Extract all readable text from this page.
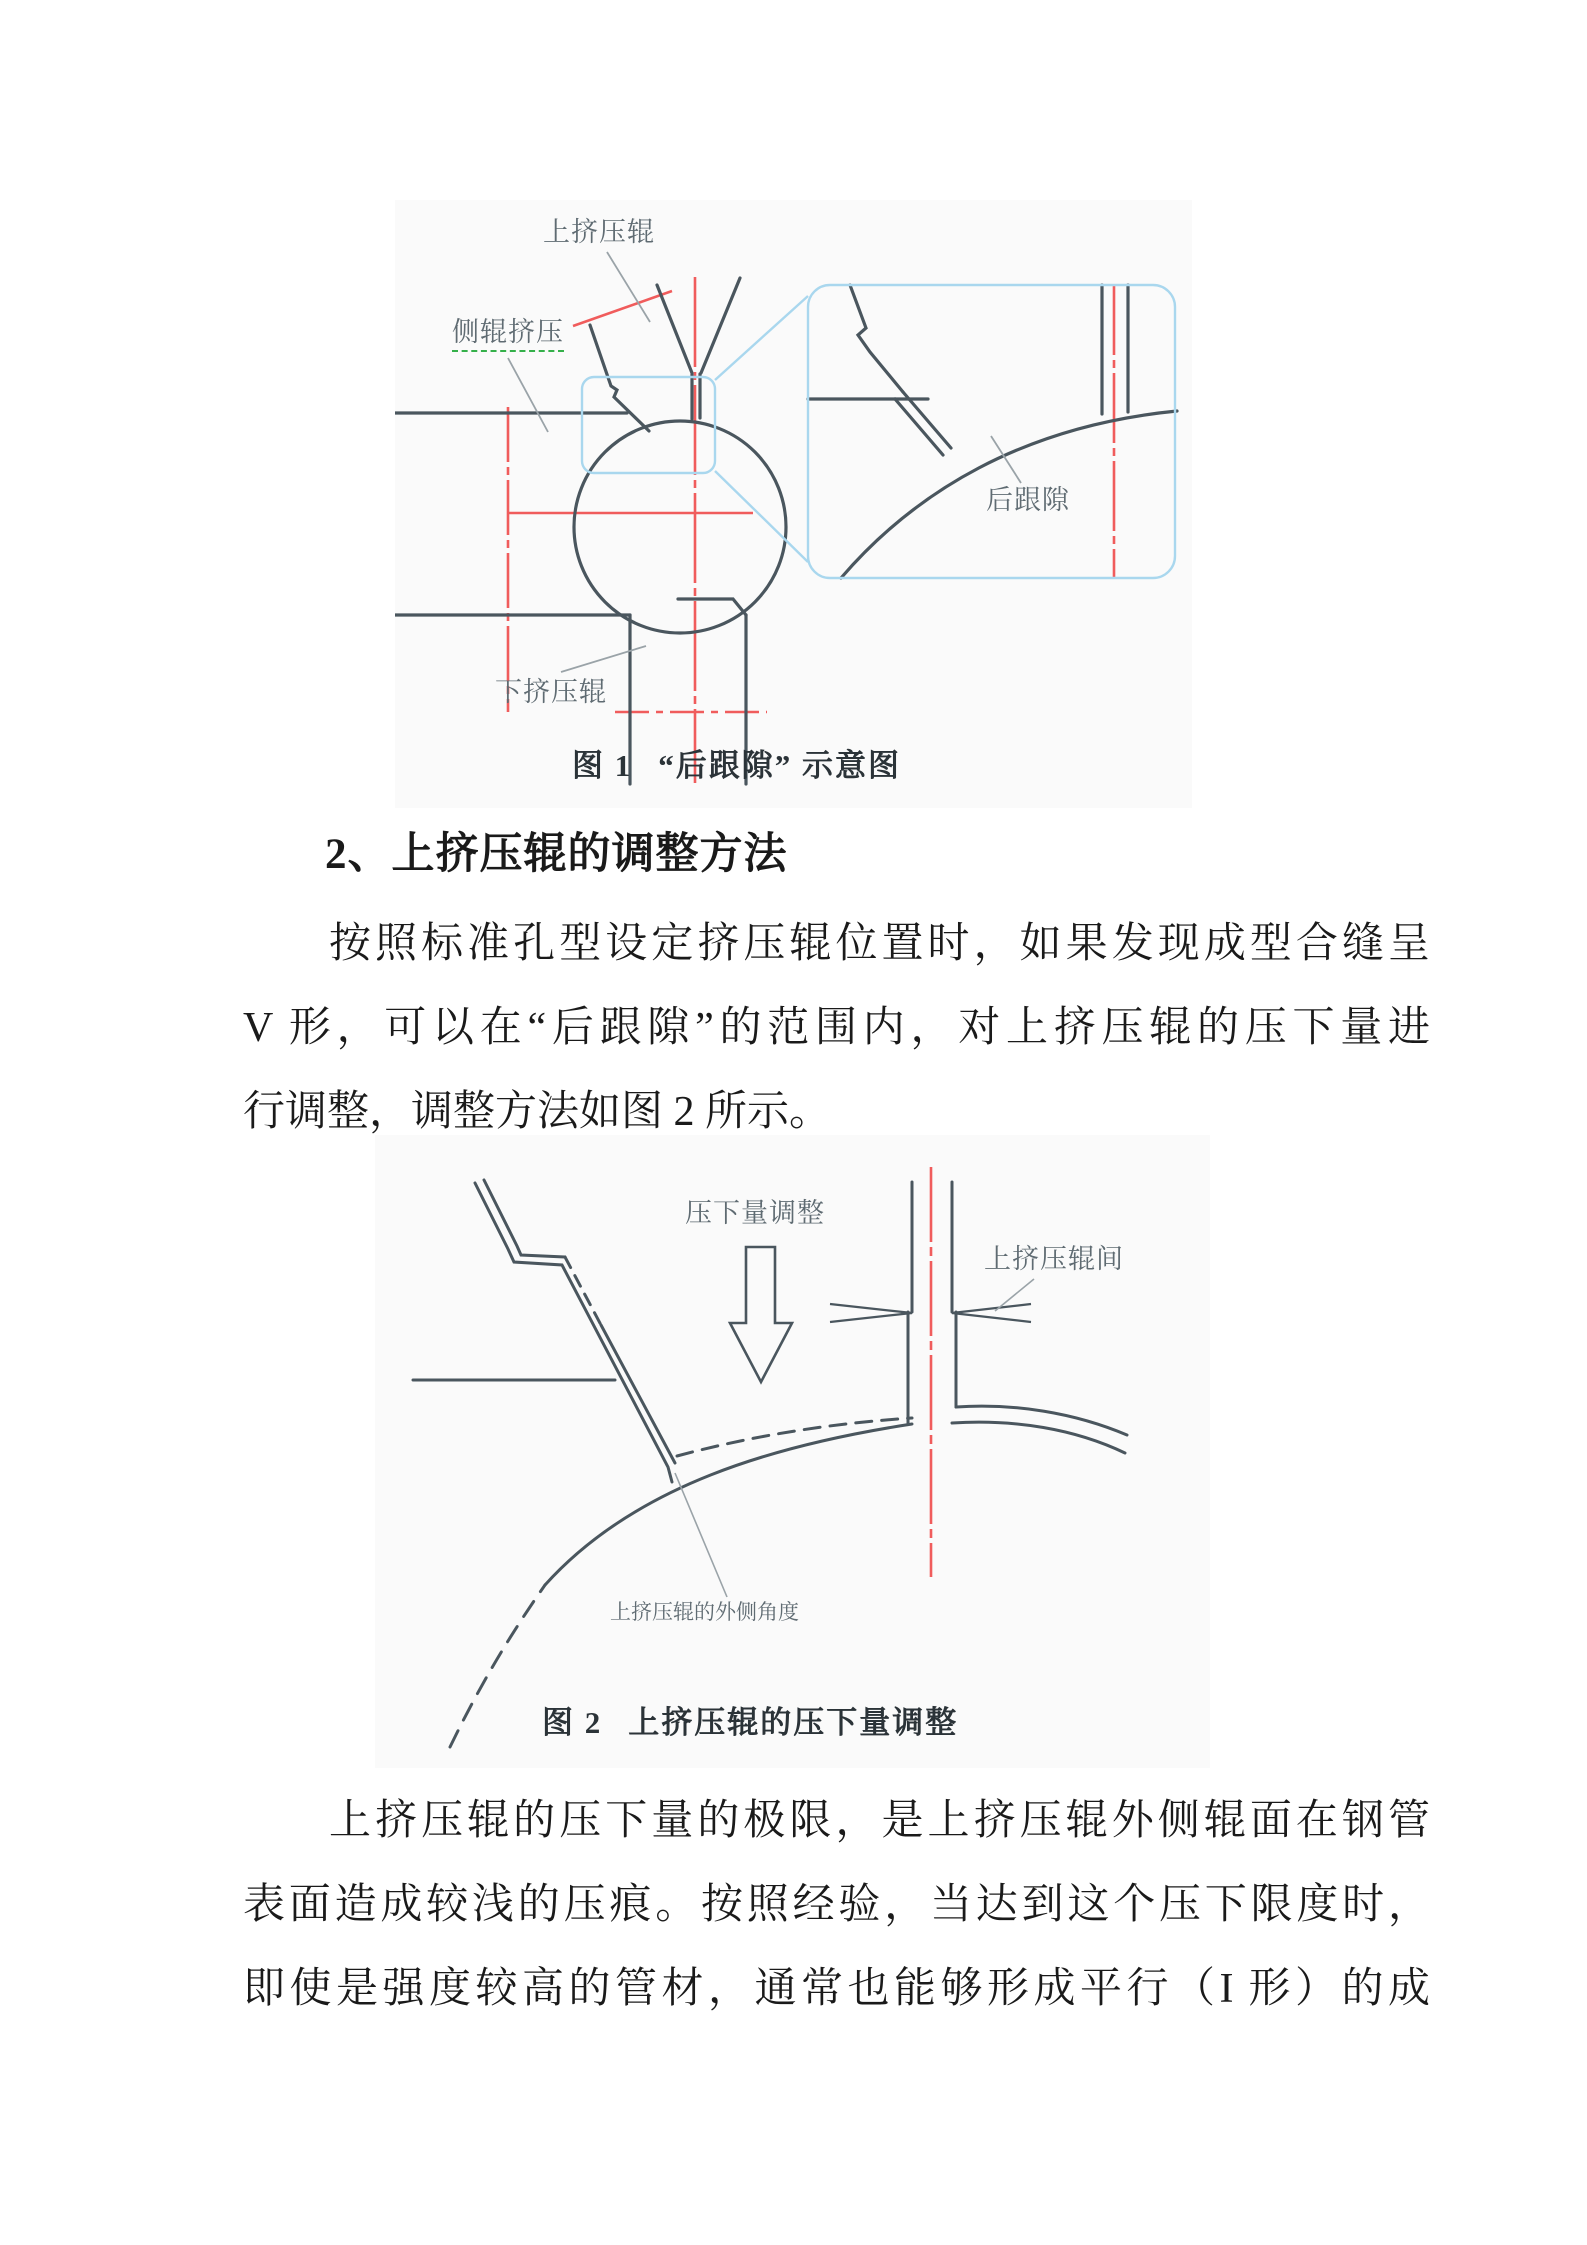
上挤压辊
侧辊挤压
下挤压辊
后跟隙
图 1 “后跟隙” 示意图
2、上挤压辊的调整方法
按照标准孔型设定挤压辊位置时，如果发现成型合缝呈
V 形，可以在“后跟隙”的范围内，对上挤压辊的压下量进
行调整，调整方法如图 2 所示。
压下量调整
上挤压辊间
上挤压辊的外侧角度
图 2 上挤压辊的压下量调整
上挤压辊的压下量的极限，是上挤压辊外侧辊面在钢管
表面造成较浅的压痕。按照经验，当达到这个压下限度时，
即使是强度较高的管材，通常也能够形成平行（I 形）的成
